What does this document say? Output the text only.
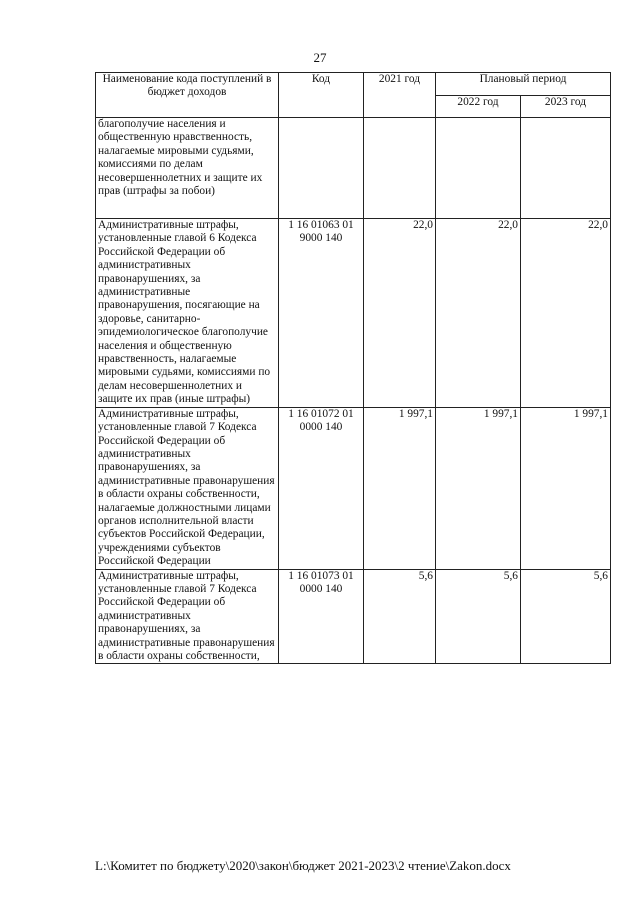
27
Наименование кода поступлений в бюджет доходов	Код	2021 год	Плановый период	
			2022 год	2023 год
благополучие населения и общественную нравственность, налагаемые мировыми судьями, комиссиями по делам несовершеннолетних и защите их прав (штрафы за побои)				
Административные штрафы, установленные главой 6 Кодекса Российской Федерации об административных правонарушениях, за административные правонарушения, посягающие на здоровье, санитарно-эпидемиологическое благополучие населения и общественную нравственность, налагаемые мировыми судьями, комиссиями по делам несовершеннолетних и защите их прав (иные штрафы)	1 16 01063 01 9000 140	22,0	22,0	22,0
Административные штрафы, установленные главой 7 Кодекса Российской Федерации об административных правонарушениях, за административные правонарушения в области охраны собственности, налагаемые должностными лицами органов исполнительной власти субъектов Российской Федерации, учреждениями субъектов Российской Федерации	1 16 01072 01 0000 140	1 997,1	1 997,1	1 997,1
Административные штрафы, установленные главой 7 Кодекса Российской Федерации об административных правонарушениях, за административные правонарушения в области охраны собственности,	1 16 01073 01 0000 140	5,6	5,6	5,6
L:\Комитет по бюджету\2020\закон\бюджет 2021-2023\2 чтение\Zakon.docx
